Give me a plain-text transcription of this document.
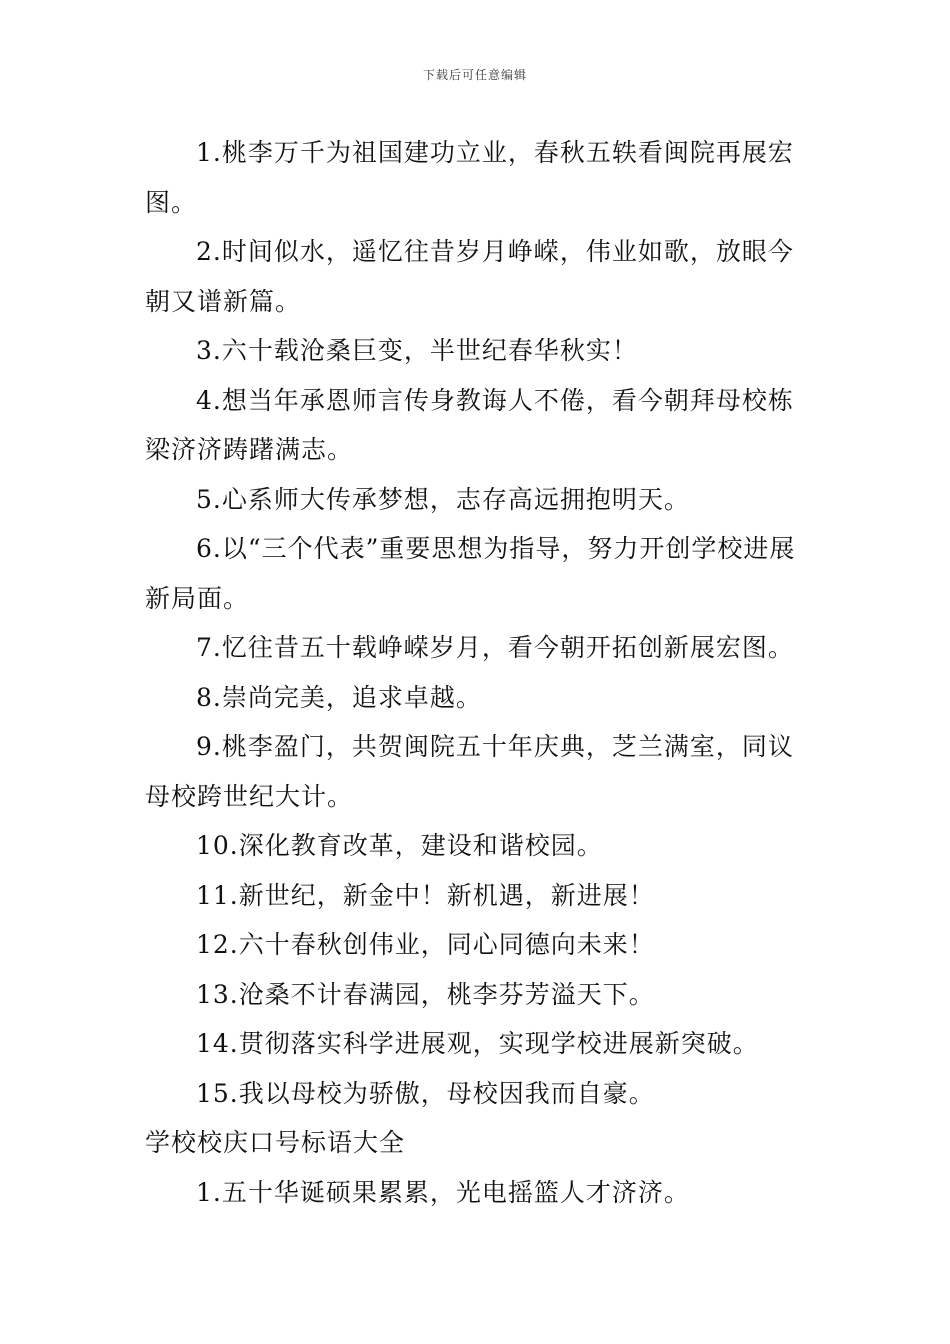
下载后可任意编辑

1.桃李万千为祖国建功立业，春秋五轶看闽院再展宏图。

2.时间似水，遥忆往昔岁月峥嵘，伟业如歌，放眼今朝又谱新篇。

3.六十载沧桑巨变，半世纪春华秋实！

4.想当年承恩师言传身教诲人不倦，看今朝拜母校栋梁济济踌躇满志。

5.心系师大传承梦想，志存高远拥抱明天。

6.以“三个代表”重要思想为指导，努力开创学校进展新局面。

7.忆往昔五十载峥嵘岁月，看今朝开拓创新展宏图。

8.崇尚完美，追求卓越。

9.桃李盈门，共贺闽院五十年庆典，芝兰满室，同议母校跨世纪大计。

10.深化教育改革，建设和谐校园。

11.新世纪，新金中！新机遇，新进展！

12.六十春秋创伟业，同心同德向未来！

13.沧桑不计春满园，桃李芬芳溢天下。

14.贯彻落实科学进展观，实现学校进展新突破。

15.我以母校为骄傲，母校因我而自豪。

学校校庆口号标语大全

1.五十华诞硕果累累，光电摇篮人才济济。
